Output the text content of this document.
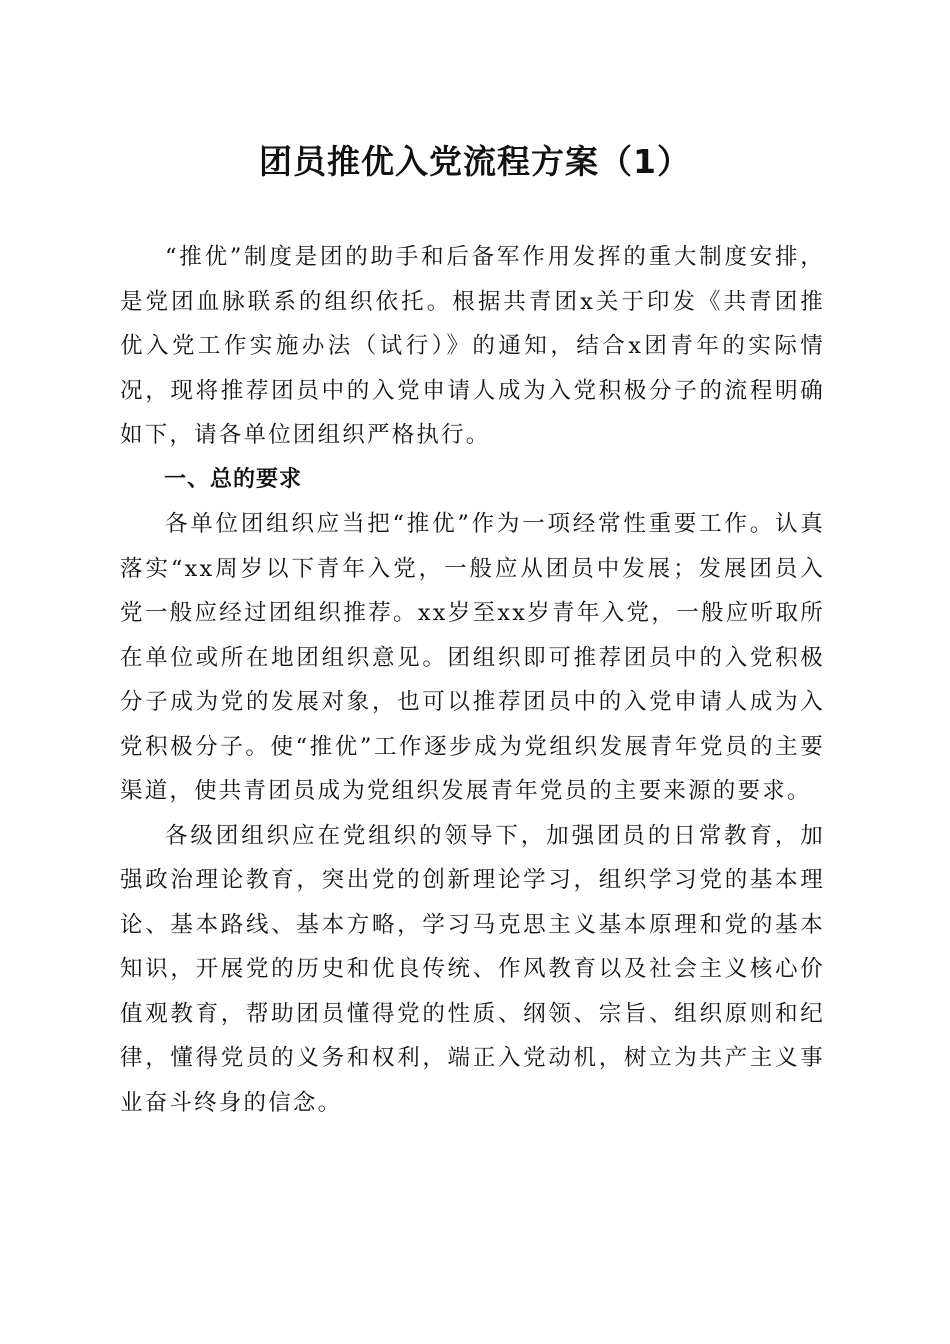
团员推优入党流程方案（1）

“推优”制度是团的助手和后备军作用发挥的重大制度安排，是党团血脉联系的组织依托。根据共青团x关于印发《共青团推优入党工作实施办法（试行）》的通知，结合x团青年的实际情况，现将推荐团员中的入党申请人成为入党积极分子的流程明确如下，请各单位团组织严格执行。

一、总的要求

各单位团组织应当把“推优”作为一项经常性重要工作。认真落实“xx周岁以下青年入党，一般应从团员中发展；发展团员入党一般应经过团组织推荐。xx岁至xx岁青年入党，一般应听取所在单位或所在地团组织意见。团组织即可推荐团员中的入党积极分子成为党的发展对象，也可以推荐团员中的入党申请人成为入党积极分子。使“推优”工作逐步成为党组织发展青年党员的主要渠道，使共青团员成为党组织发展青年党员的主要来源的要求。

各级团组织应在党组织的领导下，加强团员的日常教育，加强政治理论教育，突出党的创新理论学习，组织学习党的基本理论、基本路线、基本方略，学习马克思主义基本原理和党的基本知识，开展党的历史和优良传统、作风教育以及社会主义核心价值观教育，帮助团员懂得党的性质、纲领、宗旨、组织原则和纪律，懂得党员的义务和权利，端正入党动机，树立为共产主义事业奋斗终身的信念。
